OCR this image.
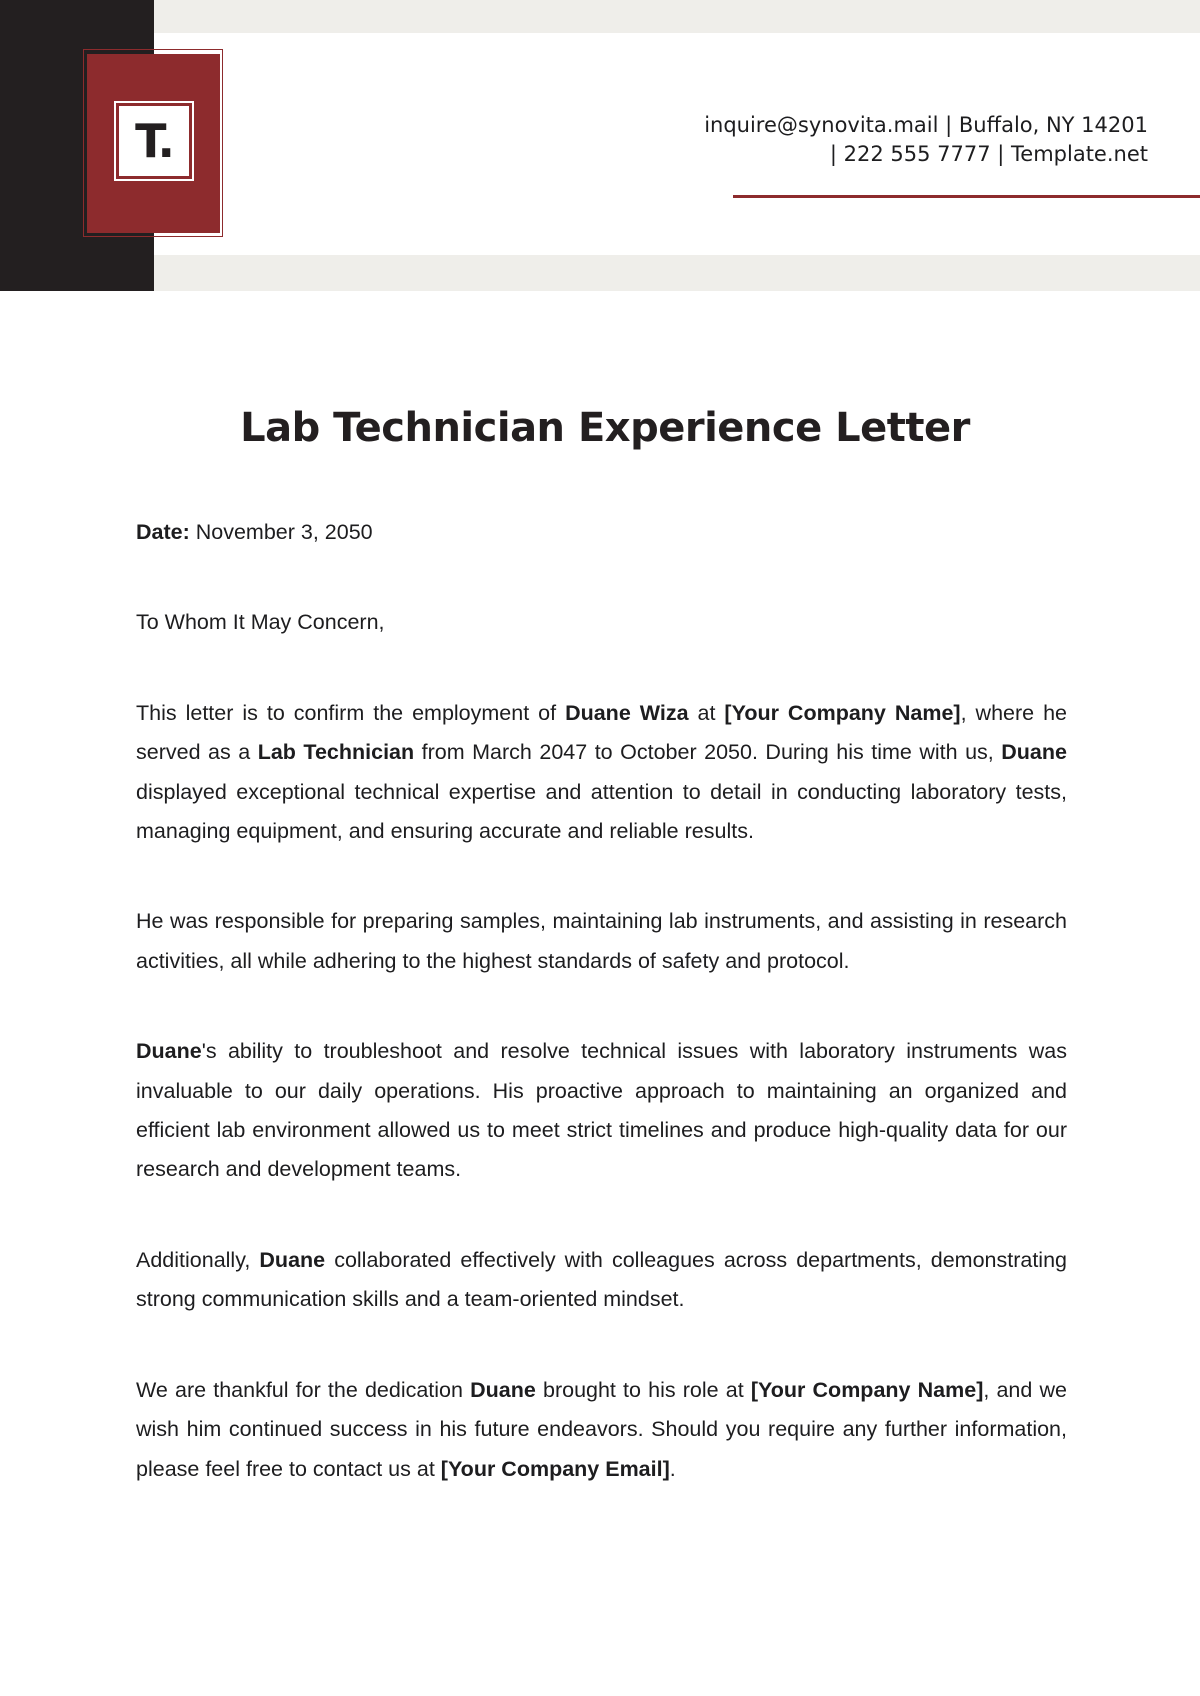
T.	inquire@synovita.mail | Buffalo, NY 14201
| 222 555 7777 | Template.net
Lab Technician Experience Letter

Date: November 3, 2050

To Whom It May Concern,

This letter is to confirm the employment of Duane Wiza at [Your Company Name], where he served as a Lab Technician from March 2047 to October 2050. During his time with us, Duane displayed exceptional technical expertise and attention to detail in conducting laboratory tests, managing equipment, and ensuring accurate and reliable results.

He was responsible for preparing samples, maintaining lab instruments, and assisting in research activities, all while adhering to the highest standards of safety and protocol.

Duane's ability to troubleshoot and resolve technical issues with laboratory instruments was invaluable to our daily operations. His proactive approach to maintaining an organized and efficient lab environment allowed us to meet strict timelines and produce high-quality data for our research and development teams.

Additionally, Duane collaborated effectively with colleagues across departments, demonstrating strong communication skills and a team-oriented mindset.

We are thankful for the dedication Duane brought to his role at [Your Company Name], and we wish him continued success in his future endeavors. Should you require any further information, please feel free to contact us at [Your Company Email].
